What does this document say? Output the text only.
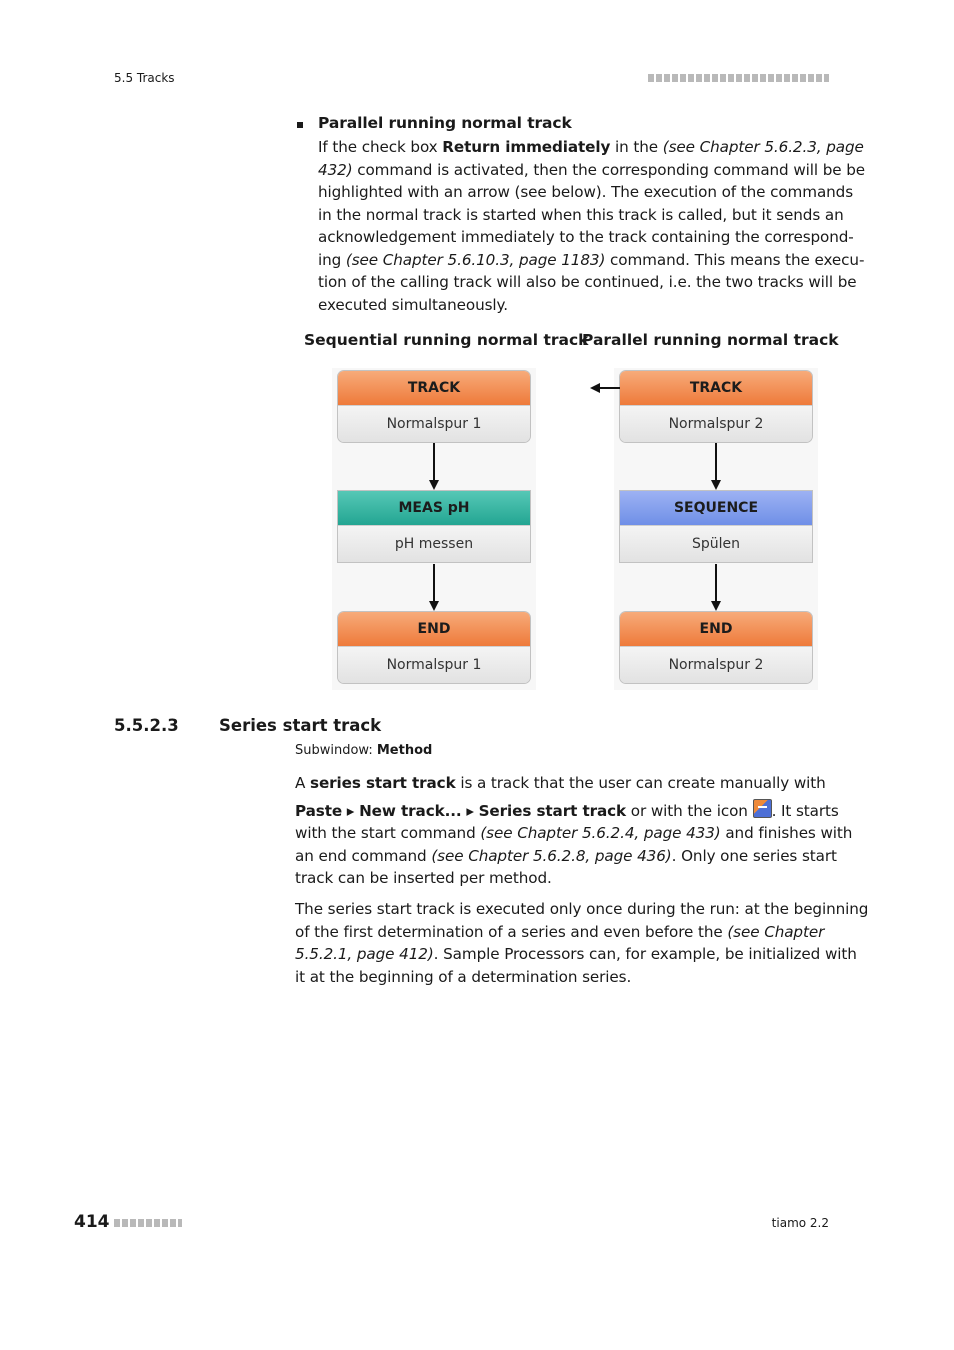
5.5 Tracks
Parallel running normal track
If the check box Return immediately in the (see Chapter 5.6.2.3, page
432) command is activated, then the corresponding command will be be
highlighted with an arrow (see below). The execution of the commands
in the normal track is started when this track is called, but it sends an
acknowledgement immediately to the track containing the correspond-
ing (see Chapter 5.6.10.3, page 1183) command. This means the execu-
tion of the calling track will also be continued, i.e. the two tracks will be
executed simultaneously.
Sequential running normal track
Parallel running normal track
TRACK
Normalspur 1
MEAS pH
pH messen
END
Normalspur 1
TRACK
Normalspur 2
SEQUENCE
Spülen
END
Normalspur 2
5.5.2.3 Series start track
Subwindow: Method
A series start track is a track that the user can create manually with
Paste ▸ New track... ▸ Series start track or with the icon . It starts
with the start command (see Chapter 5.6.2.4, page 433) and finishes with
an end command (see Chapter 5.6.2.8, page 436). Only one series start
track can be inserted per method.
The series start track is executed only once during the run: at the beginning
of the first determination of a series and even before the (see Chapter
5.5.2.1, page 412). Sample Processors can, for example, be initialized with
it at the beginning of a determination series.
414	tiamo 2.2
